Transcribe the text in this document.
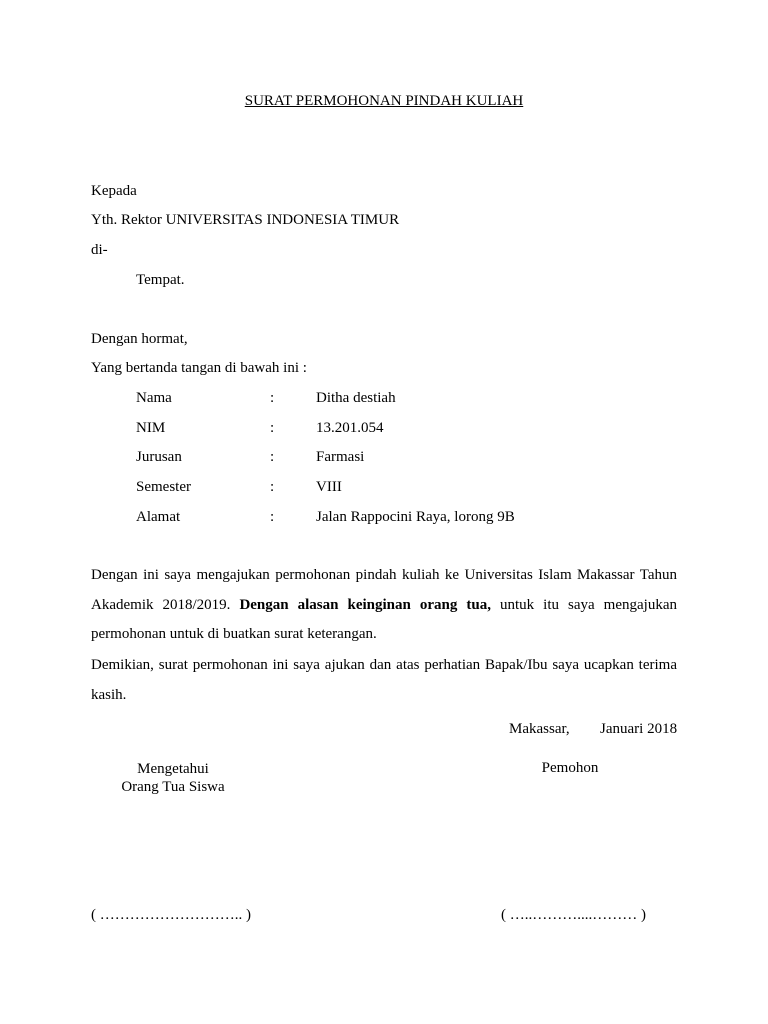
SURAT PERMOHONAN PINDAH KULIAH
Kepada
Yth. Rektor UNIVERSITAS INDONESIA TIMUR
di-
Tempat.
Dengan hormat,
Yang bertanda tangan di bawah ini :
Nama	:	Ditha destiah
NIM	:	13.201.054
Jurusan	:	Farmasi
Semester	:	VIII
Alamat	:	Jalan Rappocini Raya, lorong 9B
Dengan ini saya mengajukan permohonan pindah kuliah ke Universitas Islam Makassar Tahun Akademik 2018/2019. Dengan alasan keinginan orang tua, untuk itu saya mengajukan permohonan untuk di buatkan surat keterangan.
Demikian, surat permohonan ini saya ajukan dan atas perhatian Bapak/Ibu saya ucapkan terima kasih.
Makassar, Januari 2018
Mengetahui
Orang Tua Siswa
Pemohon
( ……………………….. )	( …..………....……… )
